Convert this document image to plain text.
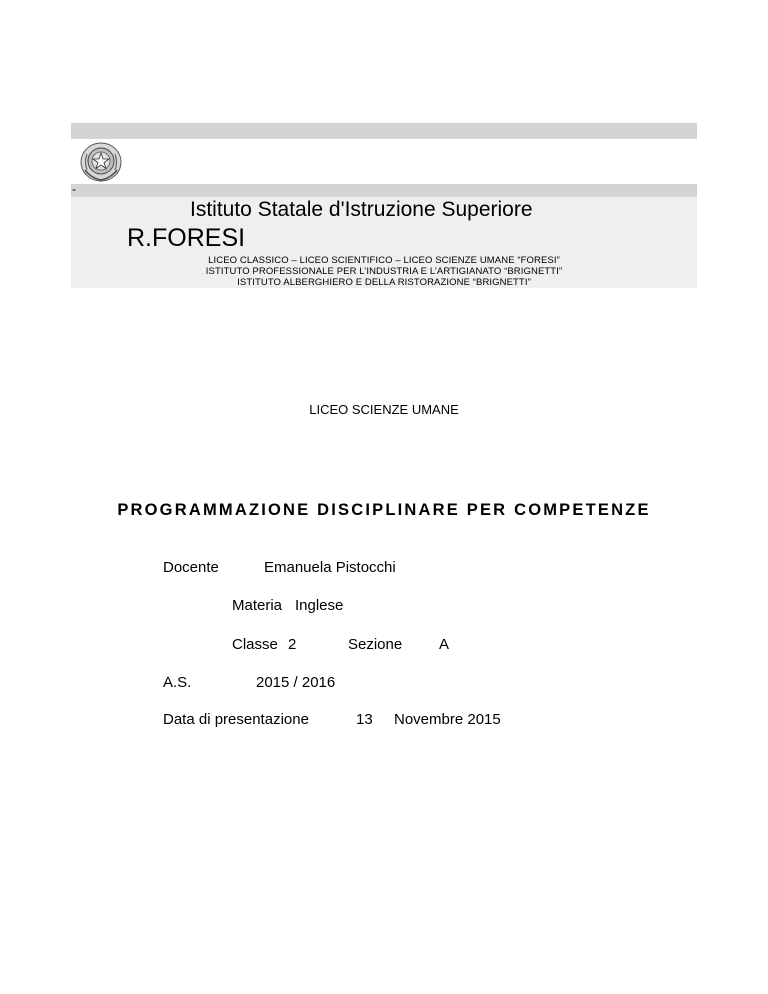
-
Istituto Statale d'Istruzione Superiore
R.FORESI
LICEO CLASSICO – LICEO SCIENTIFICO – LICEO SCIENZE UMANE “FORESI”
ISTITUTO PROFESSIONALE PER L’INDUSTRIA E L’ARTIGIANATO “BRIGNETTI”
ISTITUTO ALBERGHIERO E DELLA RISTORAZIONE “BRIGNETTI”
LICEO SCIENZE UMANE
PROGRAMMAZIONE DISCIPLINARE PER COMPETENZE
Docente	Emanuela Pistocchi
Materia Inglese
Classe 2	Sezione A
A.S.	2015 / 2016
Data di presentazione	13 Novembre 2015
